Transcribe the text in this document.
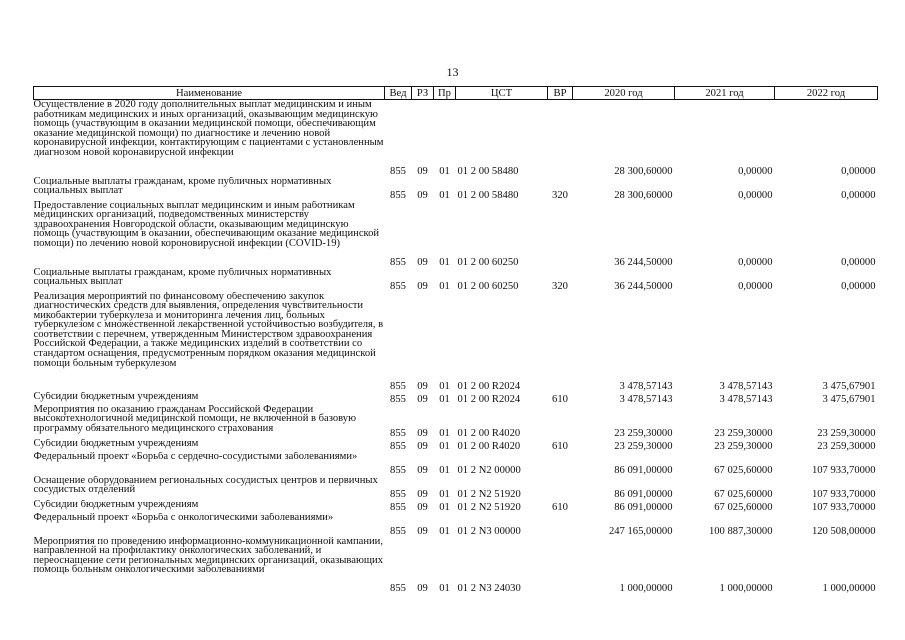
13
Наименование	Вед	РЗ	Пр	ЦСТ	ВР	2020 год	2021 год	2022 год
Осуществление в 2020 году дополнительных выплат медицинским и иным работникам медицинских и иных организаций, оказывающим медицинскую помощь (участвующим в оказании медицинской помощи, обеспечивающим оказание медицинской помощи) по диагностике и лечению новой коронавирусной инфекции, контактирующим с пациентами с установленным диагнозом новой коронавирусной инфекции	855	09	01	01 2 00 58480		28 300,60000	0,00000	0,00000
Социальные выплаты гражданам, кроме публичных нормативных социальных выплат	855	09	01	01 2 00 58480	320	28 300,60000	0,00000	0,00000
Предоставление социальных выплат медицинским и иным работникам медицинских организаций, подведомственных министерству здравоохранения Новгородской области, оказывающим медицинскую помощь (участвующим в оказании, обеспечивающим оказание медицинской помощи) по лечению новой короновирусной инфекции (COVID-19)	855	09	01	01 2 00 60250		36 244,50000	0,00000	0,00000
Социальные выплаты гражданам, кроме публичных нормативных социальных выплат	855	09	01	01 2 00 60250	320	36 244,50000	0,00000	0,00000
Реализация мероприятий по финансовому обеспечению закупок диагностических средств для выявления, определения чувствительности микобактерии туберкулеза и мониторинга лечения лиц, больных туберкулезом с множественной лекарственной устойчивостью возбудителя, в соответствии с перечнем, утвержденным Министерством здравоохранения Российской Федерации, а также медицинских изделий в соответствии со стандартом оснащения, предусмотренным порядком оказания медицинской помощи больным туберкулезом	855	09	01	01 2 00 R2024		3 478,57143	3 478,57143	3 475,67901
Субсидии бюджетным учреждениям	855	09	01	01 2 00 R2024	610	3 478,57143	3 478,57143	3 475,67901
Мероприятия по оказанию гражданам Российской Федерации высокотехнологичной медицинской помощи, не включенной в базовую программу обязательного медицинского страхования	855	09	01	01 2 00 R4020		23 259,30000	23 259,30000	23 259,30000
Субсидии бюджетным учреждениям	855	09	01	01 2 00 R4020	610	23 259,30000	23 259,30000	23 259,30000
Федеральный проект «Борьба с сердечно-сосудистыми заболеваниями»	855	09	01	01 2 N2 00000		86 091,00000	67 025,60000	107 933,70000
Оснащение оборудованием региональных сосудистых центров и первичных сосудистых отделений	855	09	01	01 2 N2 51920		86 091,00000	67 025,60000	107 933,70000
Субсидии бюджетным учреждениям	855	09	01	01 2 N2 51920	610	86 091,00000	67 025,60000	107 933,70000
Федеральный проект «Борьба с онкологическими заболеваниями»	855	09	01	01 2 N3 00000		247 165,00000	100 887,30000	120 508,00000
Мероприятия по проведению информационно-коммуникационной кампании, направленной на профилактику онкологических заболеваний, и переоснащение сети региональных медицинских организаций, оказывающих помощь больным онкологическими заболеваниями	855	09	01	01 2 N3 24030		1 000,00000	1 000,00000	1 000,00000
